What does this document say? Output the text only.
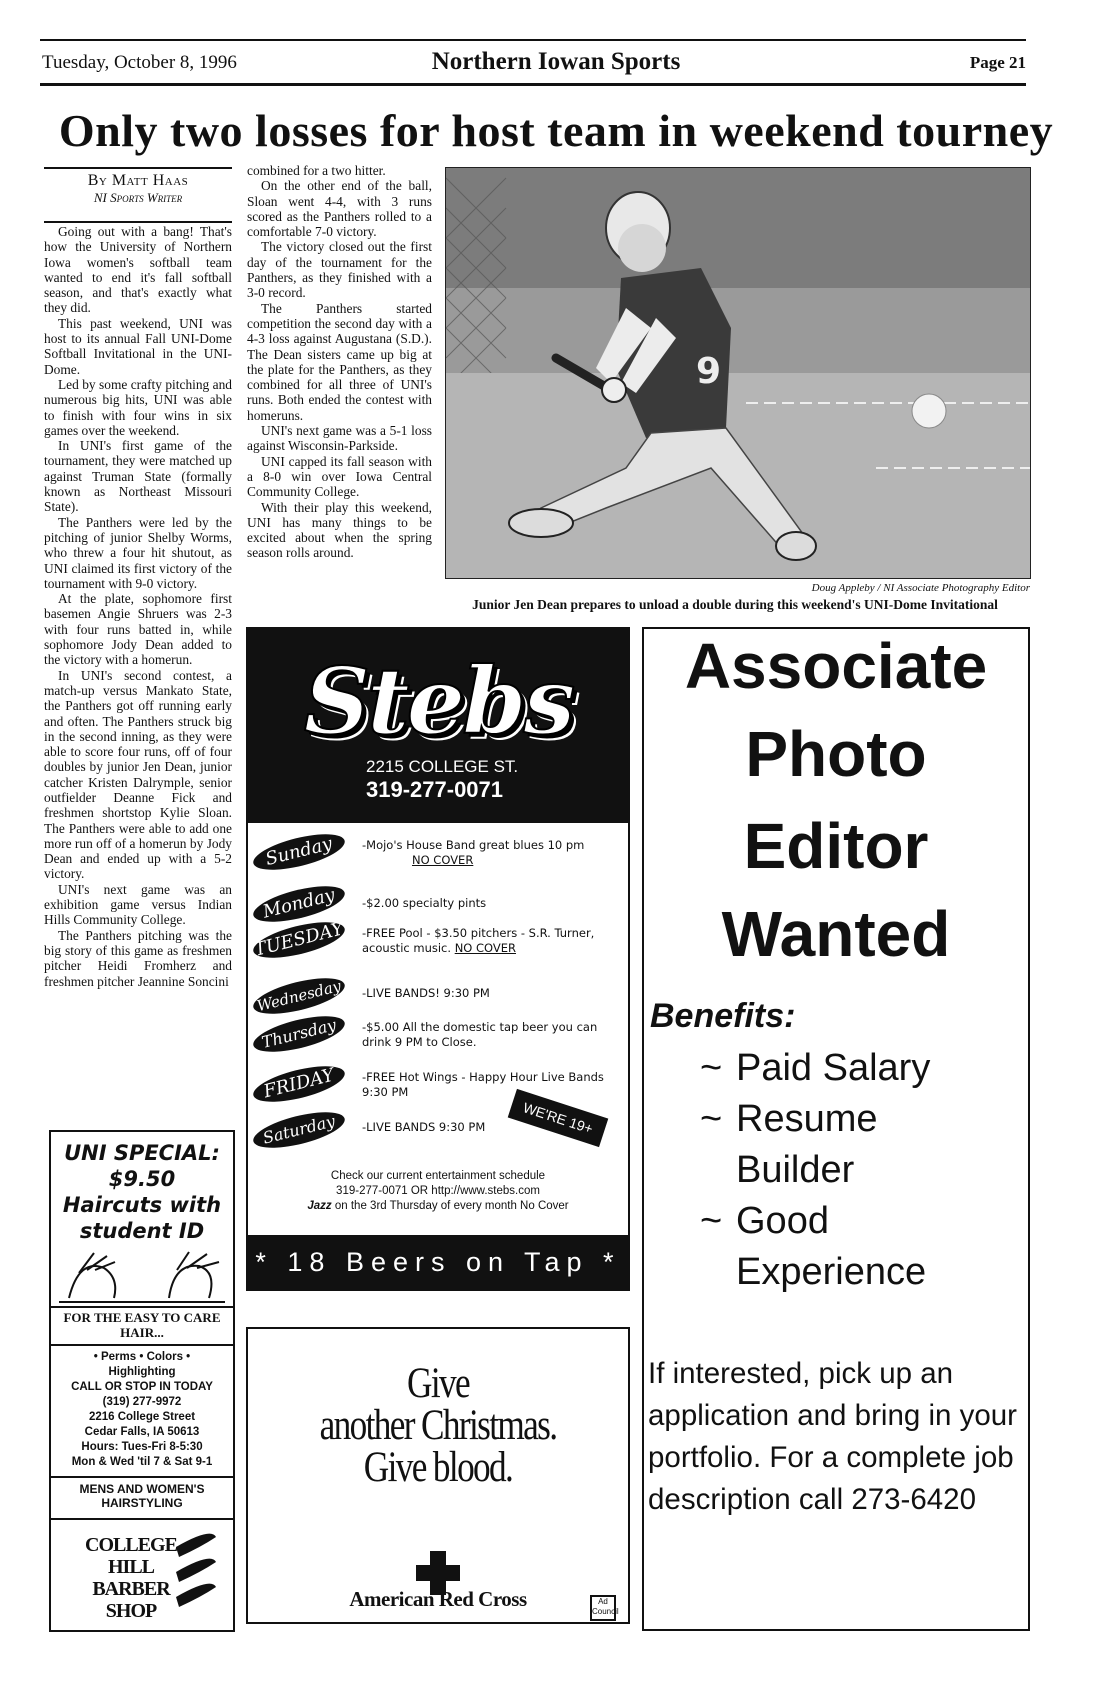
Tuesday, October 8, 1996	Northern Iowan Sports	Page 21
Only two losses for host team in weekend tourney
By Matt Haas
NI Sports Writer

Going out with a bang! That's how the University of Northern Iowa women's softball team wanted to end it's fall softball season, and that's exactly what they did.

This past weekend, UNI was host to its annual Fall UNI-Dome Softball Invitational in the UNI-Dome.

Led by some crafty pitching and numerous big hits, UNI was able to finish with four wins in six games over the weekend.

In UNI's first game of the tournament, they were matched up against Truman State (formally known as Northeast Missouri State).

The Panthers were led by the pitching of junior Shelby Worms, who threw a four hit shutout, as UNI claimed its first victory of the tournament with 9-0 victory.

At the plate, sophomore first basemen Angie Shruers was 2-3 with four runs batted in, while sophomore Jody Dean added to the victory with a homerun.

In UNI's second contest, a match-up versus Mankato State, the Panthers got off running early and often. The Panthers struck big in the second inning, as they were able to score four runs, off of four doubles by junior Jen Dean, junior catcher Kristen Dalrymple, senior outfielder Deanne Fick and freshmen shortstop Kylie Sloan. The Panthers were able to add one more run off of a homerun by Jody Dean and ended up with a 5-2 victory.

UNI's next game was an exhibition game versus Indian Hills Community College.

The Panthers pitching was the big story of this game as freshmen pitcher Heidi Fromherz and freshmen pitcher Jeannine Soncini

combined for a two hitter.

On the other end of the ball, Sloan went 4-4, with 3 runs scored as the Panthers rolled to a comfortable 7-0 victory.

The victory closed out the first day of the tournament for the Panthers, as they finished with a 3-0 record.

The Panthers started competition the second day with a 4-3 loss against Augustana (S.D.). The Dean sisters came up big at the plate for the Panthers, as they combined for all three of UNI's runs. Both ended the contest with homeruns.

UNI's next game was a 5-1 loss against Wisconsin-Parkside.

UNI capped its fall season with a 8-0 win over Iowa Central Community College.

With their play this weekend, UNI has many things to be excited about when the spring season rolls around.

9
Doug Appleby / NI Associate Photography Editor
Junior Jen Dean prepares to unload a double during this weekend's UNI-Dome Invitational
UNI SPECIAL:
$9.50
Haircuts with
student ID
FOR THE EASY TO CARE HAIR...
• Perms • Colors •
Highlighting
CALL OR STOP IN TODAY
(319) 277-9972
2216 College Street
Cedar Falls, IA 50613
Hours: Tues-Fri 8-5:30
Mon & Wed 'til 7 & Sat 9-1
MENS AND WOMEN'S HAIRSTYLING
COLLEGE
HILL
BARBER
SHOP
Stebs
2215 COLLEGE ST.
319-277-0071
Sunday	-Mojo's House Band great blues 10 pm
NO COVER
Monday	-$2.00 specialty pints
TUESDAY -FREE Pool - $3.50 pitchers - S.R. Turner, acoustic music. NO COVER
Wednesday	-LIVE BANDS! 9:30 PM
Thursday	-$5.00 All the domestic tap beer you can drink 9 PM to Close.
FRIDAY	-FREE Hot Wings - Happy Hour Live Bands 9:30 PM
Saturday	-LIVE BANDS 9:30 PM	WE'RE 19+
Check our current entertainment schedule
319-277-0071 OR http://www.stebs.com
Jazz on the 3rd Thursday of every month No Cover
* 18 Beers on Tap *
Give
another Christmas.
Give blood.
American Red Cross	Ad Council
Associate
Photo
Editor
Wanted
Benefits:
~ Paid Salary
~ Resume Builder
~ Good Experience
If interested, pick up an application and bring in your portfolio. For a complete job description call 273-6420
